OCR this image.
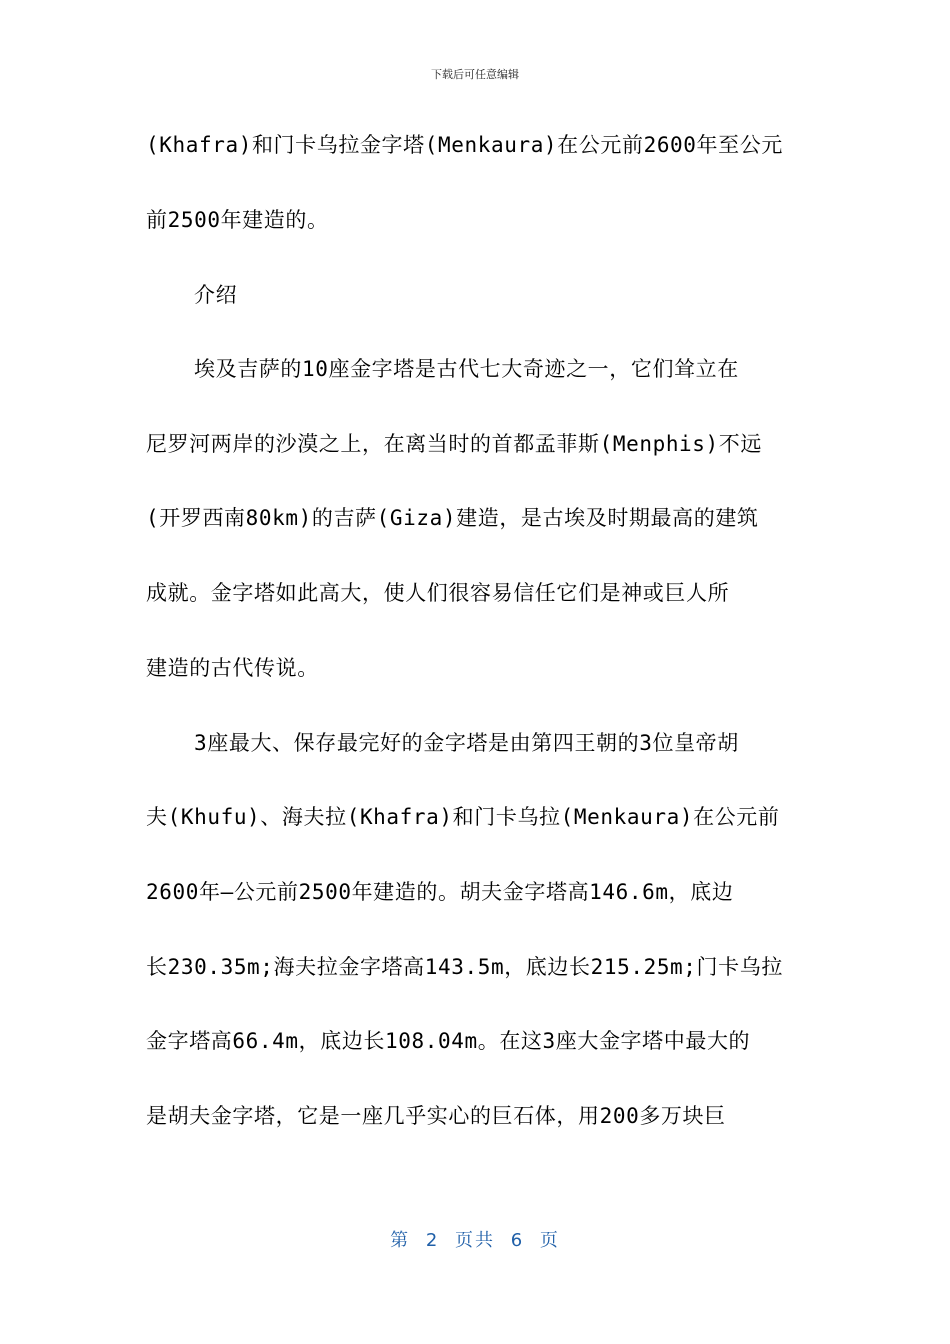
下载后可任意编辑

(Khafra)和门卡乌拉金字塔(Menkaura)在公元前2600年至公元

前2500年建造的。

介绍

埃及吉萨的10座金字塔是古代七大奇迹之一，它们耸立在

尼罗河两岸的沙漠之上，在离当时的首都孟菲斯(Menphis)不远

(开罗西南80km)的吉萨(Giza)建造，是古埃及时期最高的建筑

成就。金字塔如此高大，使人们很容易信任它们是神或巨人所

建造的古代传说。

3座最大、保存最完好的金字塔是由第四王朝的3位皇帝胡

夫(Khufu)、海夫拉(Khafra)和门卡乌拉(Menkaura)在公元前

2600年—公元前2500年建造的。胡夫金字塔高146.6m，底边

长230.35m;海夫拉金字塔高143.5m，底边长215.25m;门卡乌拉

金字塔高66.4m，底边长108.04m。在这3座大金字塔中最大的

是胡夫金字塔，它是一座几乎实心的巨石体，用200多万块巨

第 2 页共 6 页
